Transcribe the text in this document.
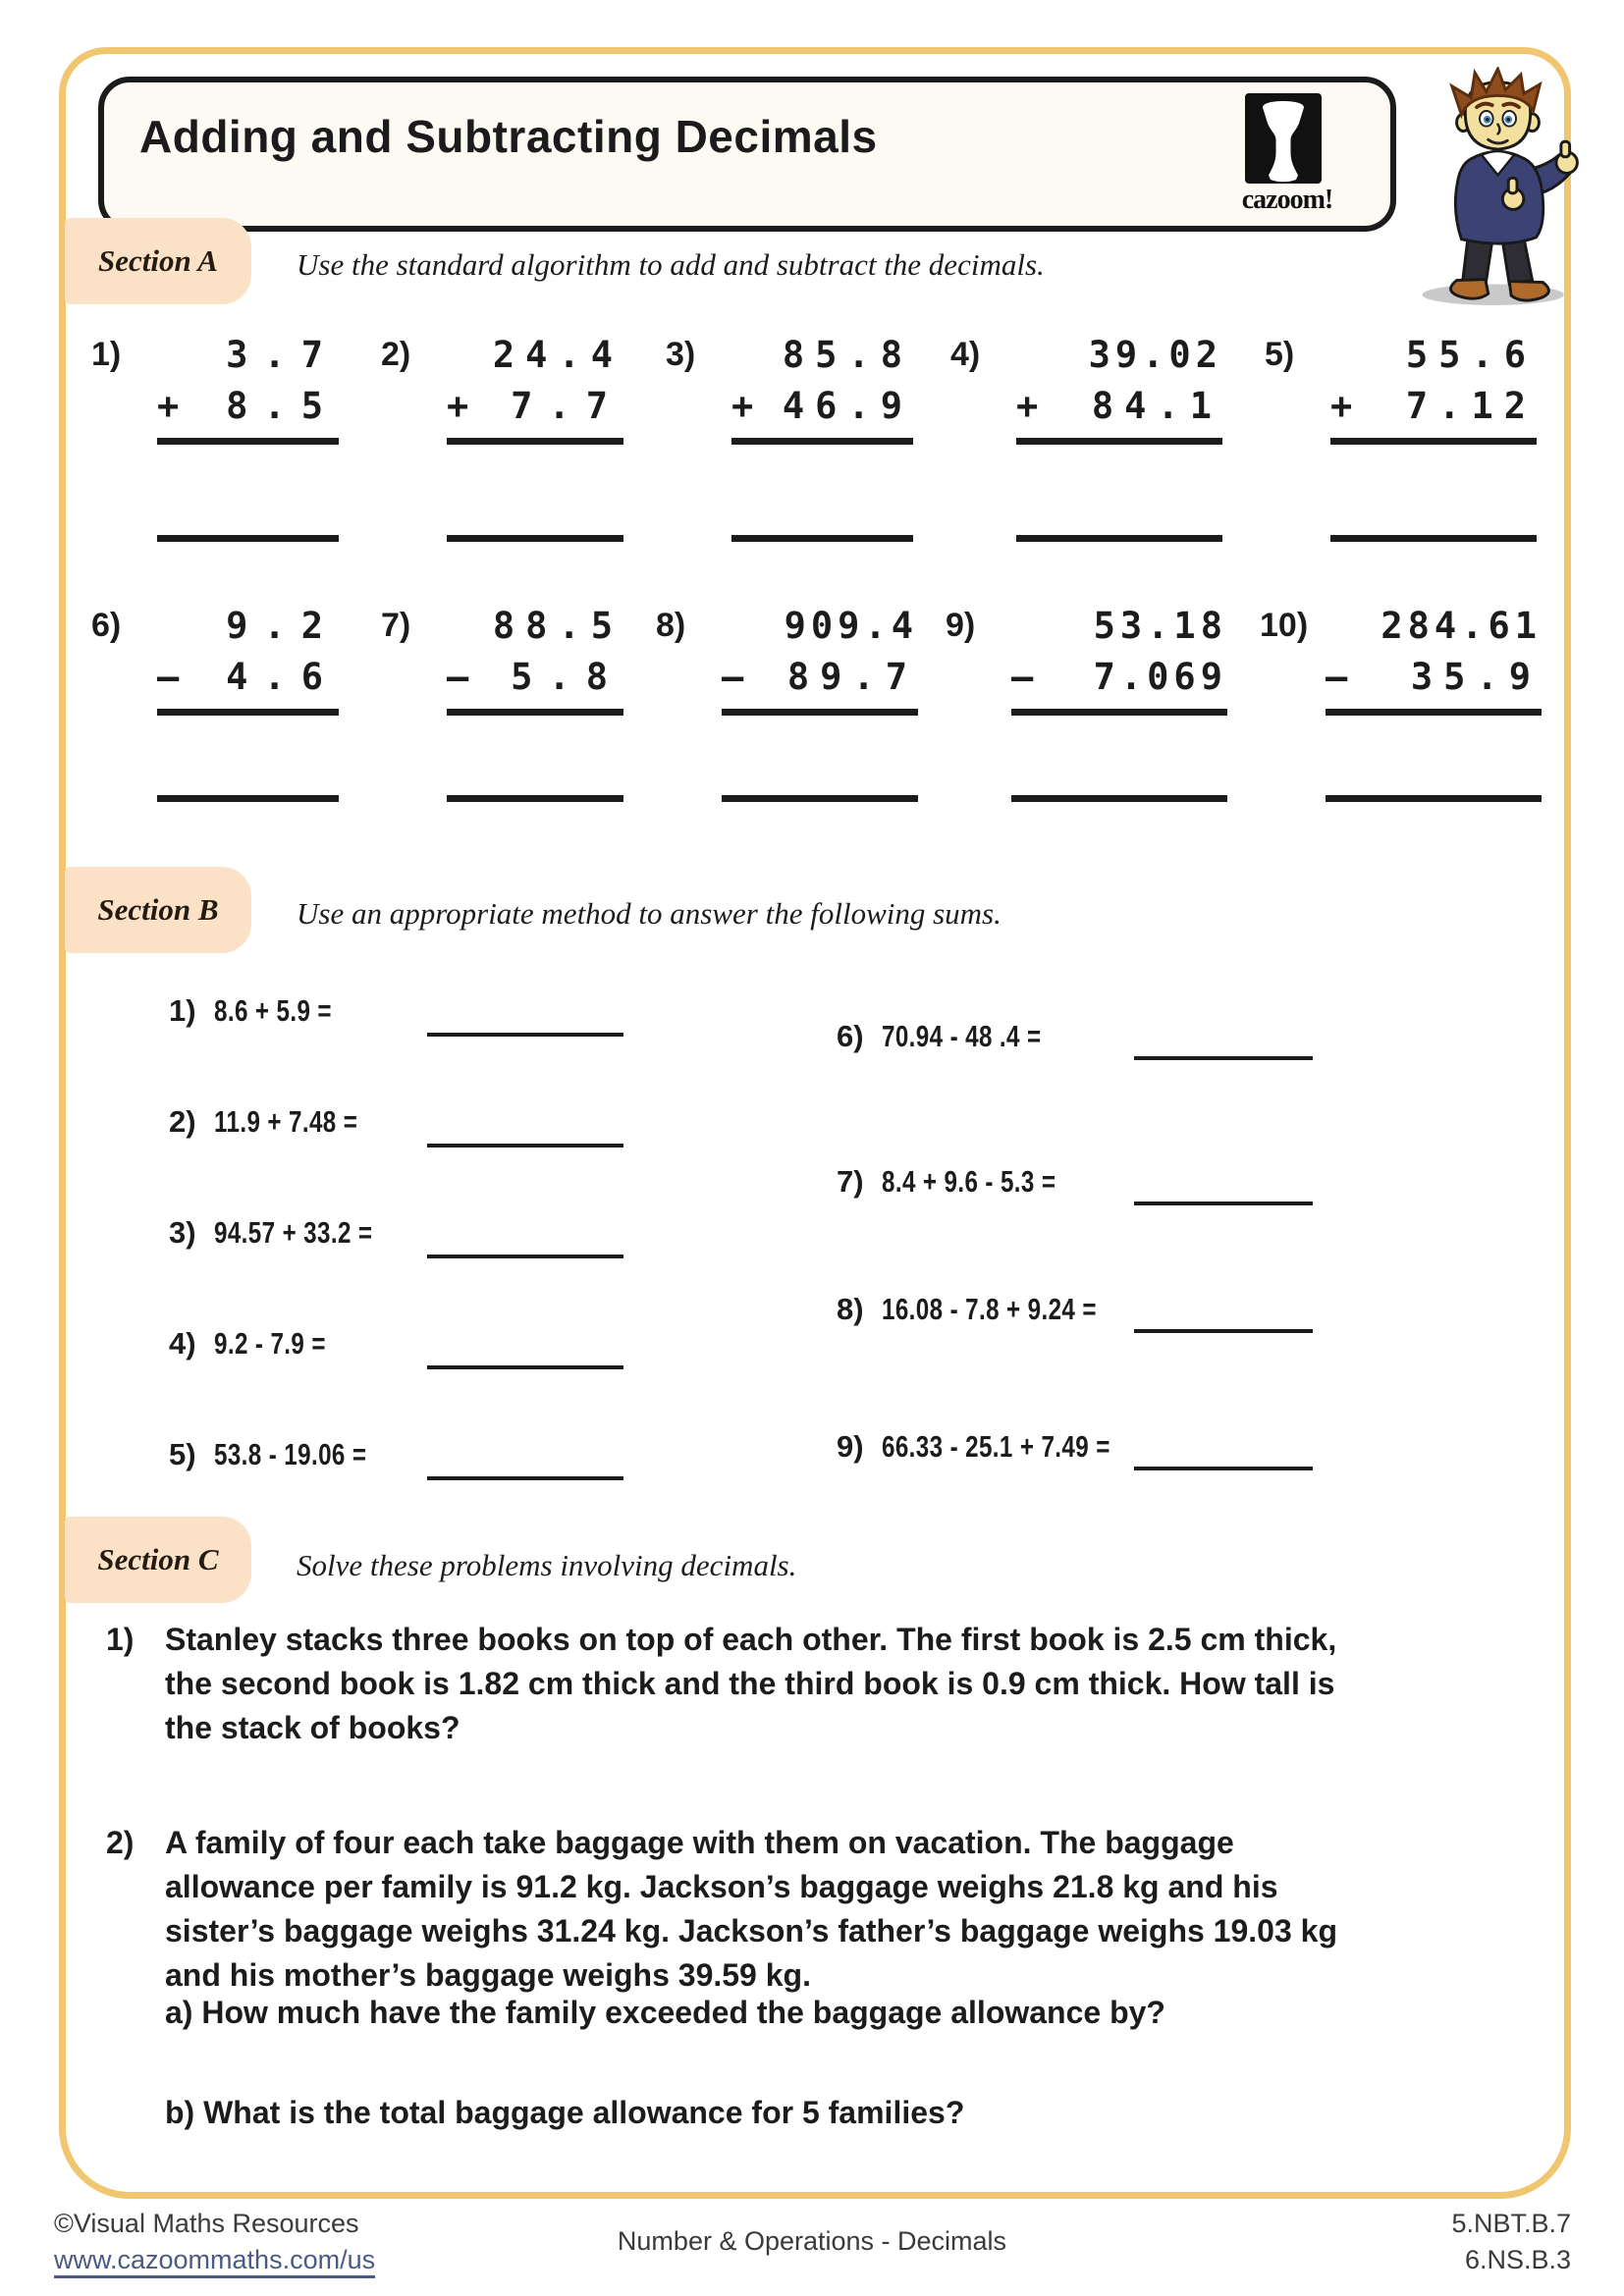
Adding and Subtracting Decimals
cazoom!
Section A	Use the standard algorithm to add and subtract the decimals.
1)	3.7
+ 8.5
2)	24.4
+ 7.7
3)	85.8
+ 46.9
4)	39.02
+ 84.1
5)	55.6
+ 7.12
6)	9.2
– 4.6
7)	88.5
– 5.8
8)	909.4
– 89.7
9)	53.18
– 7.069
10)	284.61
– 35.9
Section B	Use an appropriate method to answer the following sums.
1) 8.6 + 5.9 =
2) 11.9 + 7.48 =
3) 94.57 + 33.2 =
4) 9.2 - 7.9 =
5) 53.8 - 19.06 =
6) 70.94 - 48 .4 =
7) 8.4 + 9.6 - 5.3 =
8) 16.08 - 7.8 + 9.24 =
9) 66.33 - 25.1 + 7.49 =
Section C	Solve these problems involving decimals.
1) Stanley stacks three books on top of each other. The first book is 2.5 cm thick,
the second book is 1.82 cm thick and the third book is 0.9 cm thick. How tall is
the stack of books?
2) A family of four each take baggage with them on vacation. The baggage
allowance per family is 91.2 kg. Jackson’s baggage weighs 21.8 kg and his
sister’s baggage weighs 31.24 kg. Jackson’s father’s baggage weighs 19.03 kg
and his mother’s baggage weighs 39.59 kg.
a) How much have the family exceeded the baggage allowance by?
b) What is the total baggage allowance for 5 families?
©Visual Maths Resources
www.cazoommaths.com/us
Number & Operations - Decimals
5.NBT.B.7
6.NS.B.3
